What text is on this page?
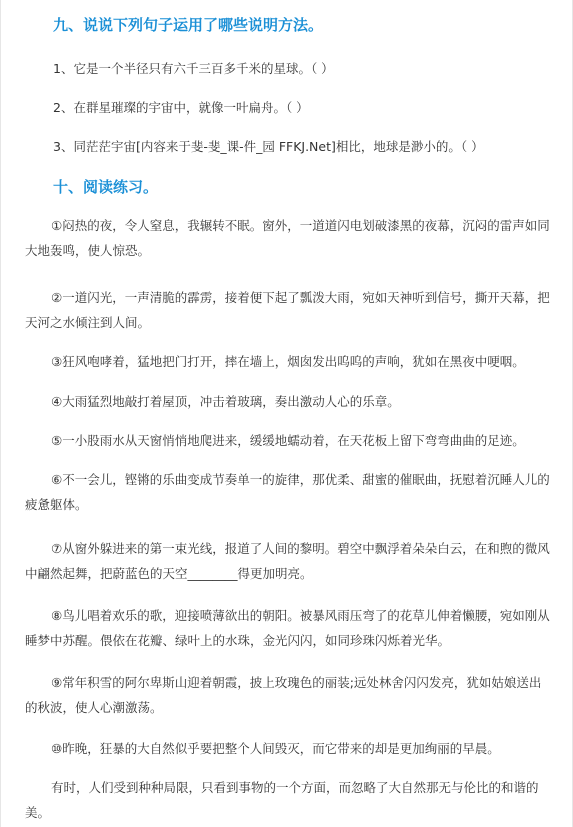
九、说说下列句子运用了哪些说明方法。
1、它是一个半径只有六千三百多千米的星球。（ ）
2、在群星璀璨的宇宙中，就像一叶扁舟。（ ）
3、同茫茫宇宙[内容来于斐-斐_课-件_园 FFKJ.Net]相比，地球是渺小的。（ ）
十、阅读练习。
①闷热的夜，令人窒息，我辗转不眠。窗外，一道道闪电划破漆黑的夜幕，沉闷的雷声如同大地轰鸣，使人惊恐。
②一道闪光，一声清脆的霹雳，接着便下起了瓢泼大雨，宛如天神听到信号，撕开天幕，把天河之水倾注到人间。
③狂风咆哮着，猛地把门打开，摔在墙上，烟囱发出呜呜的声响，犹如在黑夜中哽咽。
④大雨猛烈地敲打着屋顶，冲击着玻璃，奏出激动人心的乐章。
⑤一小股雨水从天窗悄悄地爬进来，缓缓地蠕动着，在天花板上留下弯弯曲曲的足迹。
⑥不一会儿，铿锵的乐曲变成节奏单一的旋律，那优柔、甜蜜的催眠曲，抚慰着沉睡人儿的疲惫躯体。
⑦从窗外躲进来的第一束光线，报道了人间的黎明。碧空中飘浮着朵朵白云，在和煦的微风中翩然起舞，把蔚蓝色的天空________得更加明亮。
⑧鸟儿唱着欢乐的歌，迎接喷薄欲出的朝阳。被暴风雨压弯了的花草儿伸着懒腰，宛如刚从睡梦中苏醒。偎依在花瓣、绿叶上的水珠，金光闪闪，如同珍珠闪烁着光华。
⑨常年积雪的阿尔卑斯山迎着朝霞，披上玫瑰色的丽装;远处林舍闪闪发亮，犹如姑娘送出的秋波，使人心潮激荡。
⑩昨晚，狂暴的大自然似乎要把整个人间毁灭，而它带来的却是更加绚丽的早晨。
有时，人们受到种种局限，只看到事物的一个方面，而忽略了大自然那无与伦比的和谐的美。
